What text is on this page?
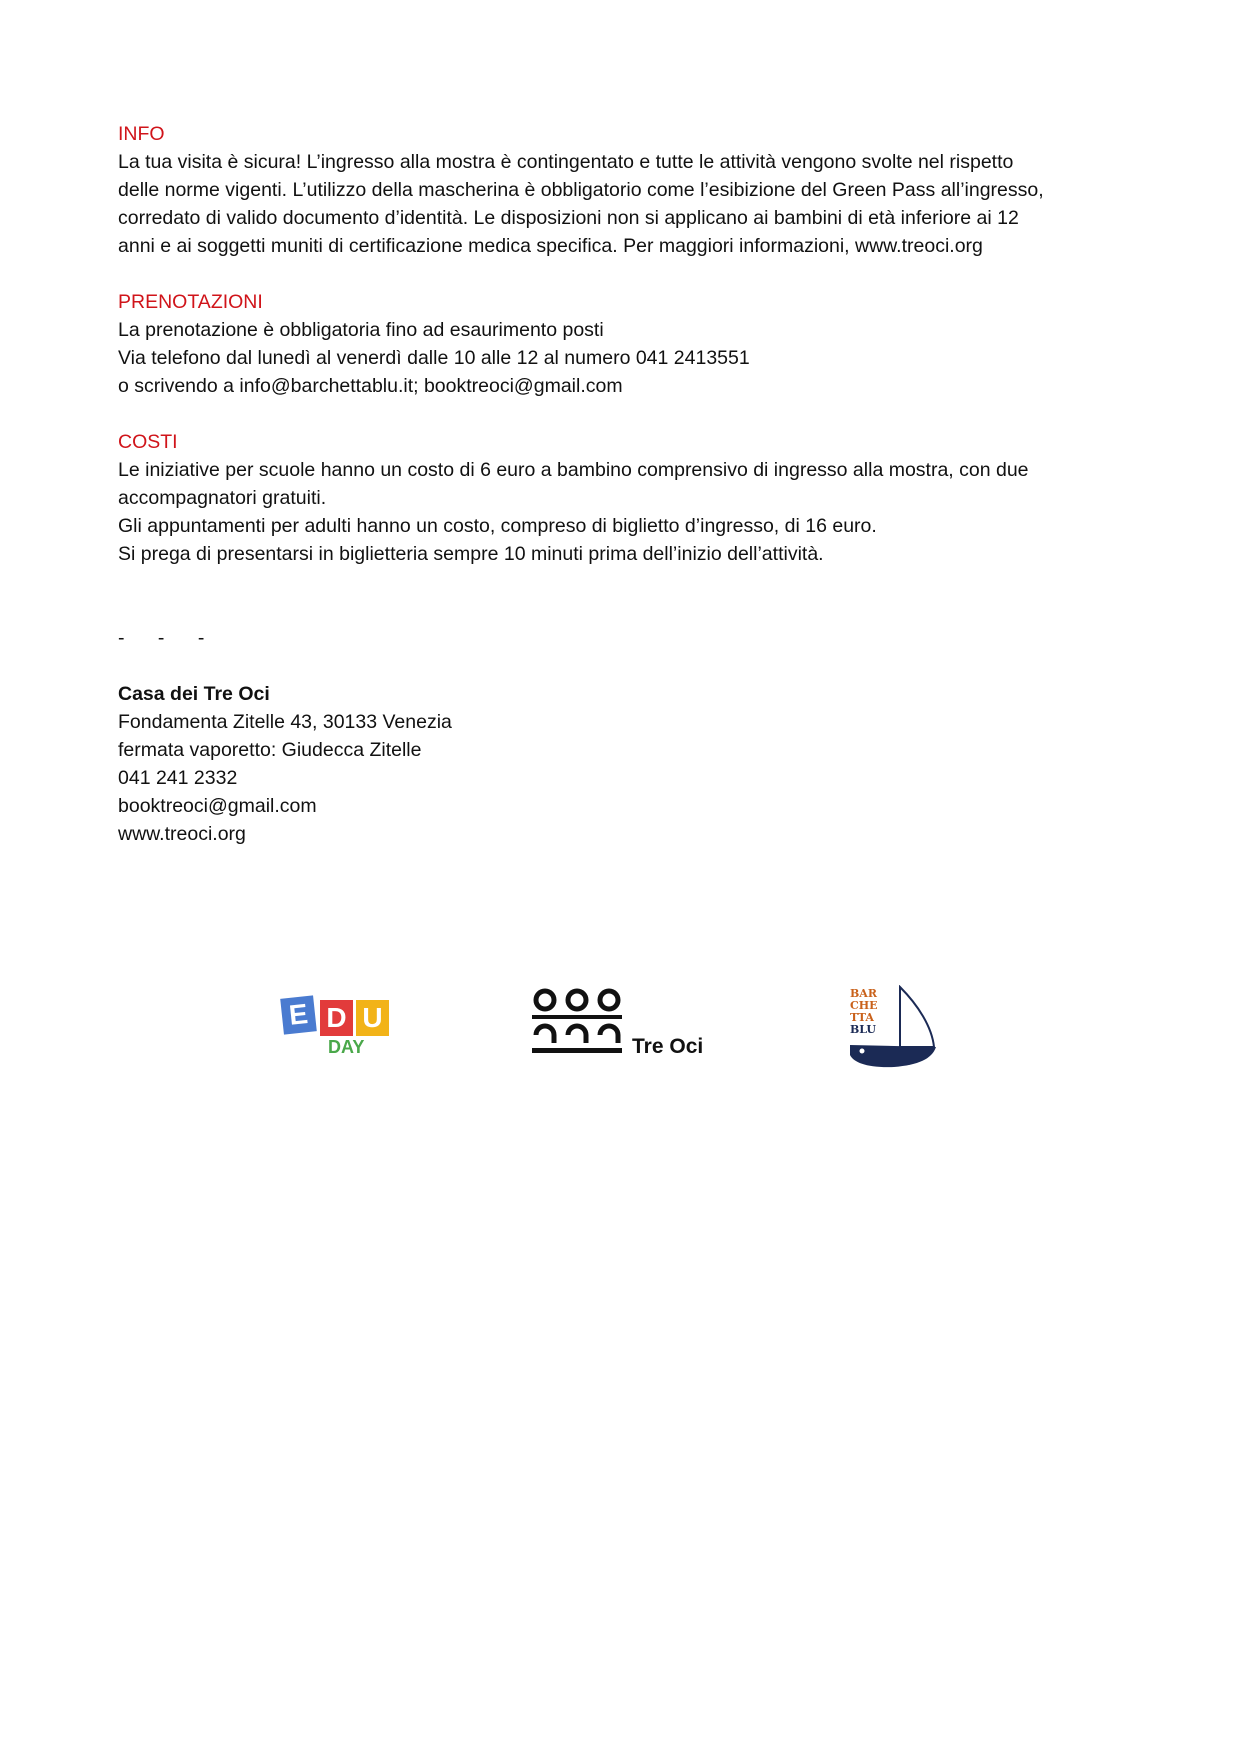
INFO
La tua visita è sicura! L’ingresso alla mostra è contingentato e tutte le attività vengono svolte nel rispetto
delle norme vigenti. L’utilizzo della mascherina è obbligatorio come l’esibizione del Green Pass all’ingresso,
corredato di valido documento d’identità. Le disposizioni non si applicano ai bambini di età inferiore ai 12
anni e ai soggetti muniti di certificazione medica specifica. Per maggiori informazioni, www.treoci.org
PRENOTAZIONI
La prenotazione è obbligatoria fino ad esaurimento posti
Via telefono dal lunedì al venerdì dalle 10 alle 12 al numero 041 2413551
o scrivendo a info@barchettablu.it; booktreoci@gmail.com
COSTI
Le iniziative per scuole hanno un costo di 6 euro a bambino comprensivo di ingresso alla mostra, con due
accompagnatori gratuiti.
Gli appuntamenti per adulti hanno un costo, compreso di biglietto d’ingresso, di 16 euro.
Si prega di presentarsi in biglietteria sempre 10 minuti prima dell’inizio dell’attività.
- - -
Casa dei Tre Oci
Fondamenta Zitelle 43, 30133 Venezia
fermata vaporetto: Giudecca Zitelle
041 241 2332
booktreoci@gmail.com
www.treoci.org
E D U
DAY	Tre Oci
BAR
CHE
TTA
BLU
